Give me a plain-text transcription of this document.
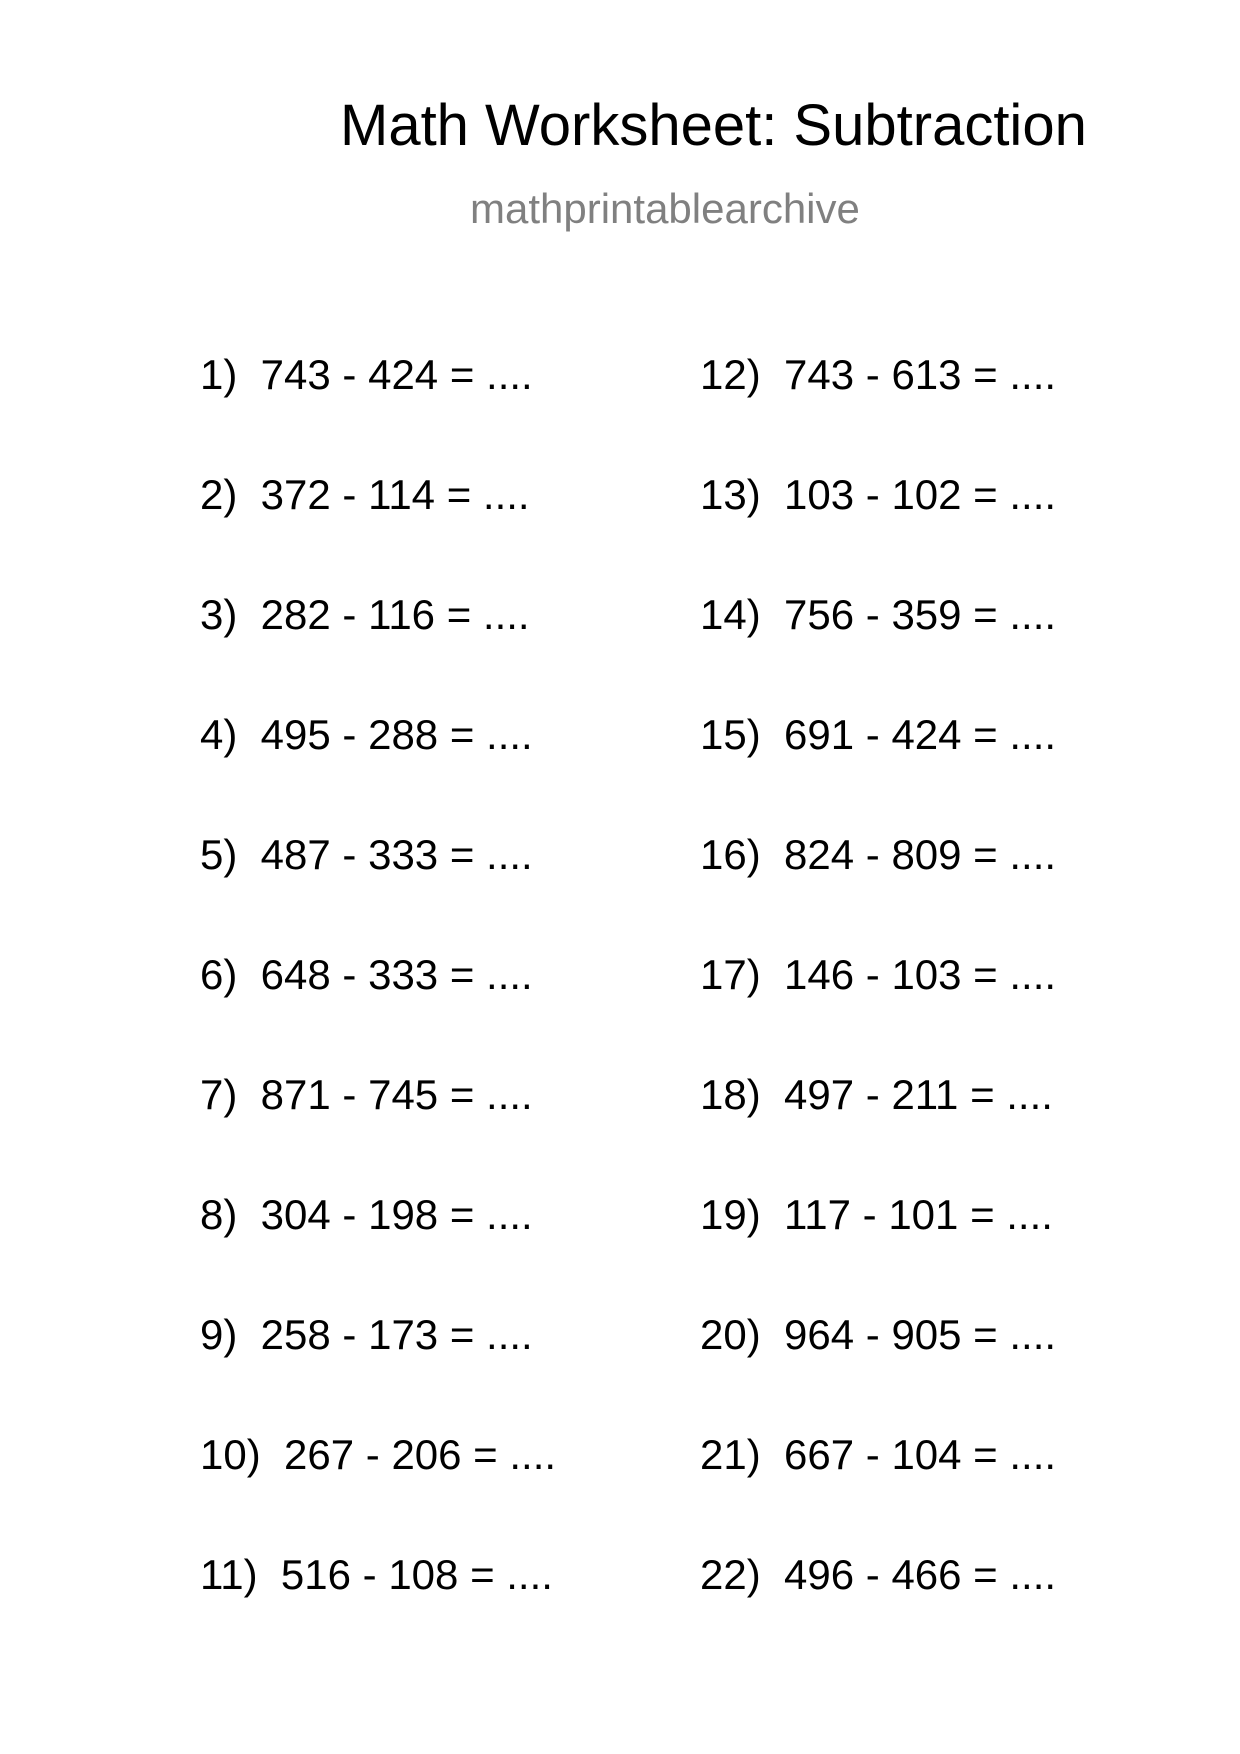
Math Worksheet: Subtraction
mathprintablearchive
1)  743 - 424 = ....
2)  372 - 114 = ....
3)  282 - 116 = ....
4)  495 - 288 = ....
5)  487 - 333 = ....
6)  648 - 333 = ....
7)  871 - 745 = ....
8)  304 - 198 = ....
9)  258 - 173 = ....
10)  267 - 206 = ....
11)  516 - 108 = ....
12)  743 - 613 = ....
13)  103 - 102 = ....
14)  756 - 359 = ....
15)  691 - 424 = ....
16)  824 - 809 = ....
17)  146 - 103 = ....
18)  497 - 211 = ....
19)  117 - 101 = ....
20)  964 - 905 = ....
21)  667 - 104 = ....
22)  496 - 466 = ....
